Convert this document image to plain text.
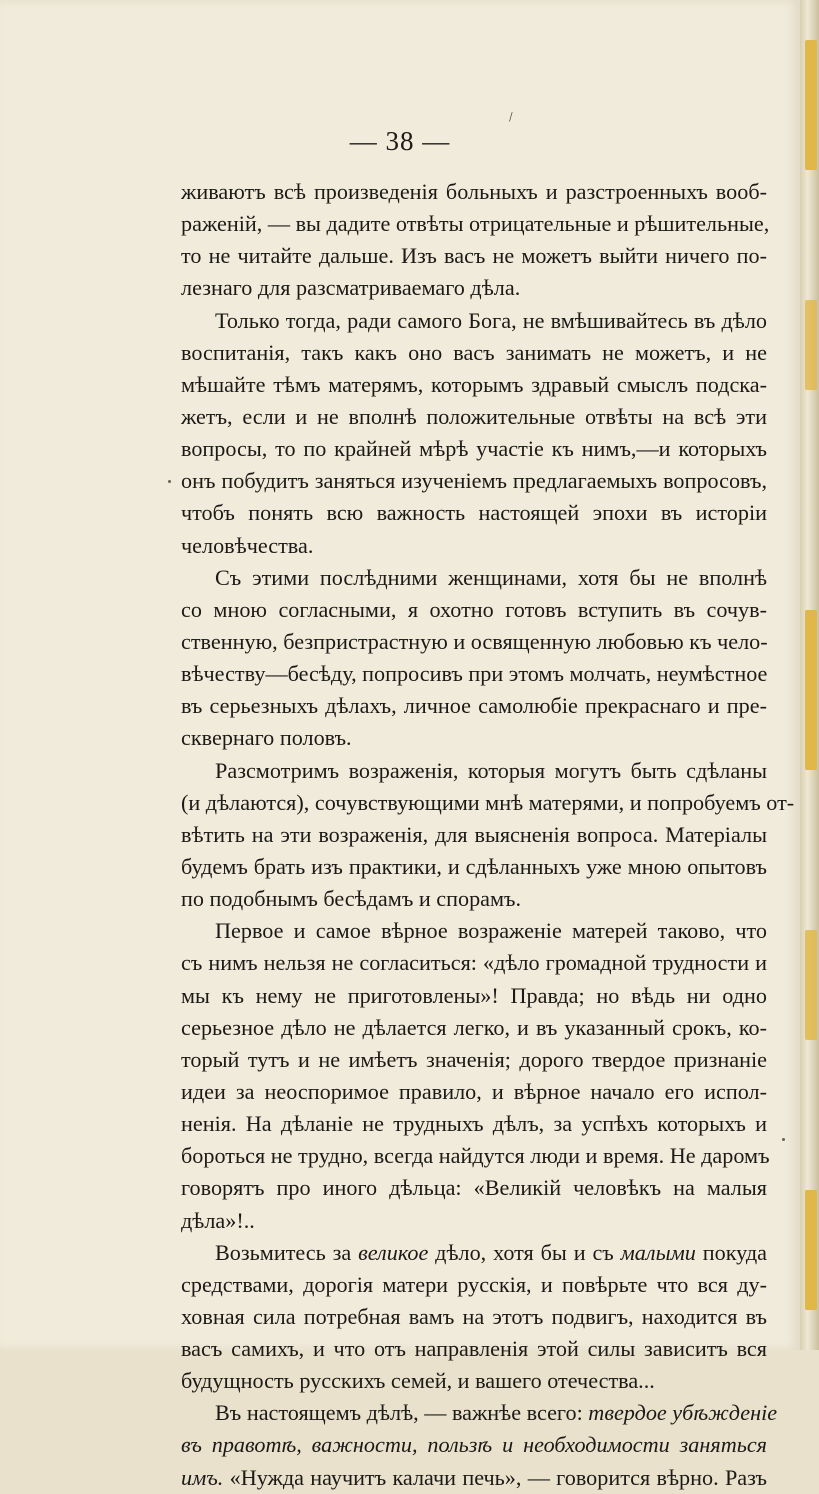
\
— 38 —
живаютъ всѣ произведенія больныхъ и разстроенныхъ вооб-
раженій, — вы дадите отвѣты отрицательные и рѣшительные,
то не читайте дальше. Изъ васъ не можетъ выйти ничего по-
лезнаго для разсматриваемаго дѣла.
Только тогда, ради самого Бога, не вмѣшивайтесь въ дѣло
воспитанія, такъ какъ оно васъ занимать не можетъ, и не
мѣшайте тѣмъ матерямъ, которымъ здравый смыслъ подска-
жетъ, если и не вполнѣ положительные отвѣты на всѣ эти
вопросы, то по крайней мѣрѣ участіе къ нимъ,—и которыхъ
онъ побудитъ заняться изученіемъ предлагаемыхъ вопросовъ,
чтобъ понять всю важность настоящей эпохи въ исторіи
человѣчества.
Съ этими послѣдними женщинами, хотя бы не вполнѣ
со мною согласными, я охотно готовъ вступить въ сочув-
ственную, безпристрастную и освященную любовью къ чело-
вѣчеству—бесѣду, попросивъ при этомъ молчать, неумѣстное
въ серьезныхъ дѣлахъ, личное самолюбіе прекраснаго и пре-
сквернаго половъ.
Разсмотримъ возраженія, которыя могутъ быть сдѣланы
(и дѣлаются), сочувствующими мнѣ матерями, и попробуемъ от-
вѣтить на эти возраженія, для выясненія вопроса. Матеріалы
будемъ брать изъ практики, и сдѣланныхъ уже мною опытовъ
по подобнымъ бесѣдамъ и спорамъ.
Первое и самое вѣрное возраженіе матерей таково, что
съ нимъ нельзя не согласиться: «дѣло громадной трудности и
мы къ нему не приготовлены»! Правда; но вѣдь ни одно
серьезное дѣло не дѣлается легко, и въ указанный срокъ, ко-
торый тутъ и не имѣетъ значенія; дорого твердое признаніе
идеи за неоспоримое правило, и вѣрное начало его испол-
ненія. На дѣланіе не трудныхъ дѣлъ, за успѣхъ которыхъ и
бороться не трудно, всегда найдутся люди и время. Не даромъ
говорятъ про иного дѣльца: «Великій человѣкъ на малыя
дѣла»!..
Возьмитесь за великое дѣло, хотя бы и съ малыми покуда
средствами, дорогія матери русскія, и повѣрьте что вся ду-
ховная сила потребная вамъ на этотъ подвигъ, находится въ
васъ самихъ, и что отъ направленія этой силы зависитъ вся
будущность русскихъ семей, и вашего отечества...
Въ настоящемъ дѣлѣ, — важнѣе всего: твердое убѣжденіе
въ правотѣ, важности, пользѣ и необходимости заняться
имъ. «Нужда научитъ калачи печь», — говорится вѣрно. Разъ
